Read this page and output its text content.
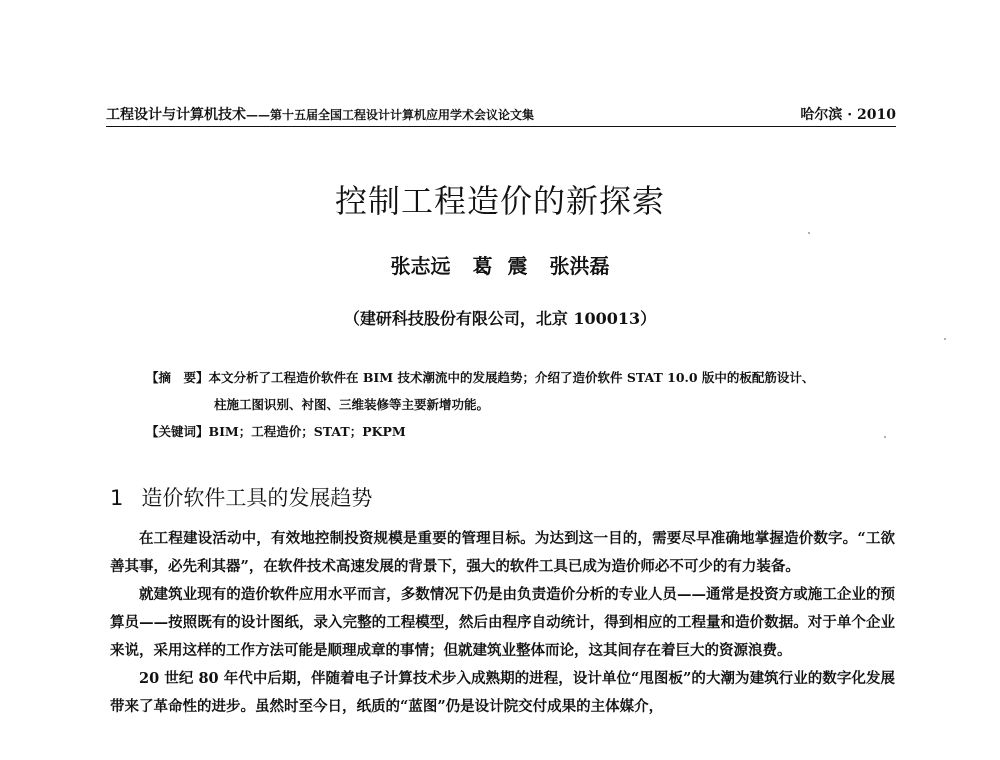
工程设计与计算机技术——第十五届全国工程设计计算机应用学术会议论文集	哈尔滨 · 2010
控制工程造价的新探索
张志远 葛 震 张洪磊
（建研科技股份有限公司，北京 100013）
【摘　要】本文分析了工程造价软件在 BIM 技术潮流中的发展趋势；介绍了造价软件 STAT 10.0 版中的板配筋设计、
柱施工图识别、衬图、三维装修等主要新增功能。
【关键词】BIM；工程造价；STAT；PKPM
1 造价软件工具的发展趋势

在工程建设活动中，有效地控制投资规模是重要的管理目标。为达到这一目的，需要尽早准确地掌握造价数字。“工欲善其事，必先利其器”，在软件技术高速发展的背景下，强大的软件工具已成为造价师必不可少的有力装备。

就建筑业现有的造价软件应用水平而言，多数情况下仍是由负责造价分析的专业人员——通常是投资方或施工企业的预算员——按照既有的设计图纸，录入完整的工程模型，然后由程序自动统计，得到相应的工程量和造价数据。对于单个企业来说，采用这样的工作方法可能是顺理成章的事情；但就建筑业整体而论，这其间存在着巨大的资源浪费。

20 世纪 80 年代中后期，伴随着电子计算技术步入成熟期的进程，设计单位“甩图板”的大潮为建筑行业的数字化发展带来了革命性的进步。虽然时至今日，纸质的“蓝图”仍是设计院交付成果的主体媒介，
